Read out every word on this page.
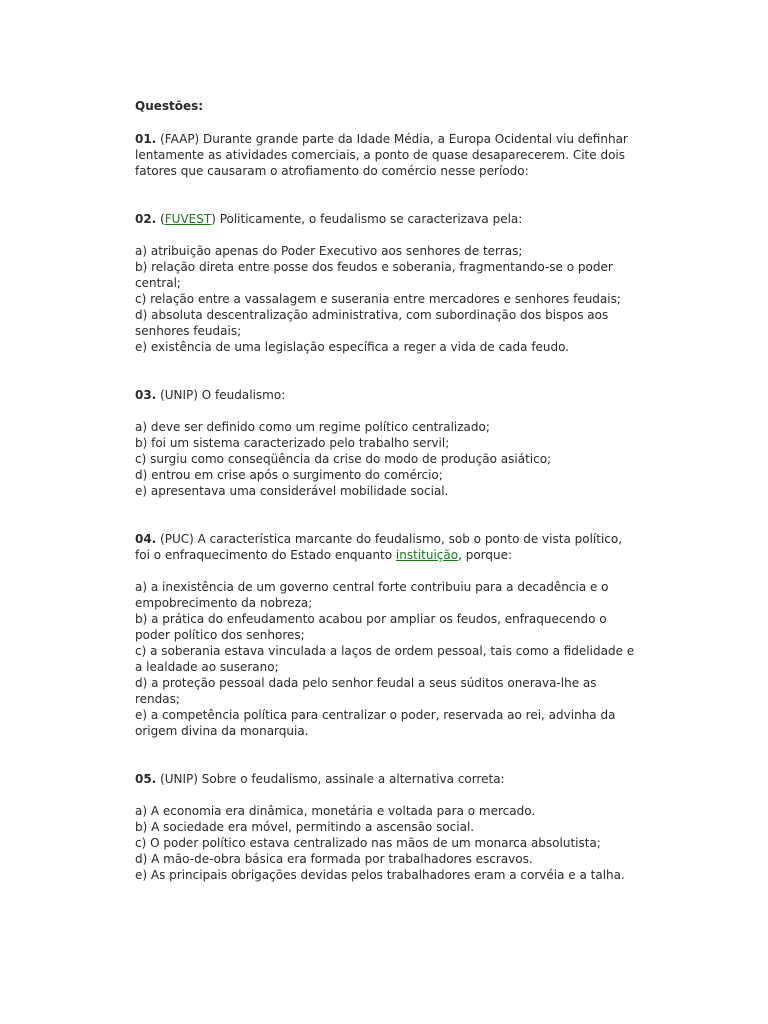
Questões:

01. (FAAP) Durante grande parte da Idade Média, a Europa Ocidental viu definhar lentamente as atividades comerciais, a ponto de quase desaparecerem. Cite dois fatores que causaram o atrofiamento do comércio nesse período:

02. (FUVEST) Politicamente, o feudalismo se caracterizava pela:

a) atribuição apenas do Poder Executivo aos senhores de terras;
b) relação direta entre posse dos feudos e soberania, fragmentando-se o poder central;
c) relação entre a vassalagem e suserania entre mercadores e senhores feudais;
d) absoluta descentralização administrativa, com subordinação dos bispos aos senhores feudais;
e) existência de uma legislação específica a reger a vida de cada feudo.

03. (UNIP) O feudalismo:

a) deve ser definido como um regime político centralizado;
b) foi um sistema caracterizado pelo trabalho servil;
c) surgiu como conseqüência da crise do modo de produção asiático;
d) entrou em crise após o surgimento do comércio;
e) apresentava uma considerável mobilidade social.

04. (PUC) A característica marcante do feudalismo, sob o ponto de vista político, foi o enfraquecimento do Estado enquanto instituição, porque:

a) a inexistência de um governo central forte contribuiu para a decadência e o empobrecimento da nobreza;
b) a prática do enfeudamento acabou por ampliar os feudos, enfraquecendo o poder político dos senhores;
c) a soberania estava vinculada a laços de ordem pessoal, tais como a fidelidade e a lealdade ao suserano;
d) a proteção pessoal dada pelo senhor feudal a seus súditos onerava-lhe as rendas;
e) a competência política para centralizar o poder, reservada ao rei, advinha da origem divina da monarquia.

05. (UNIP) Sobre o feudalismo, assinale a alternativa correta:

a) A economia era dinâmica, monetária e voltada para o mercado.
b) A sociedade era móvel, permitindo a ascensão social.
c) O poder político estava centralizado nas mãos de um monarca absolutista;
d) A mão-de-obra básica era formada por trabalhadores escravos.
e) As principais obrigações devidas pelos trabalhadores eram a corvéia e a talha.
